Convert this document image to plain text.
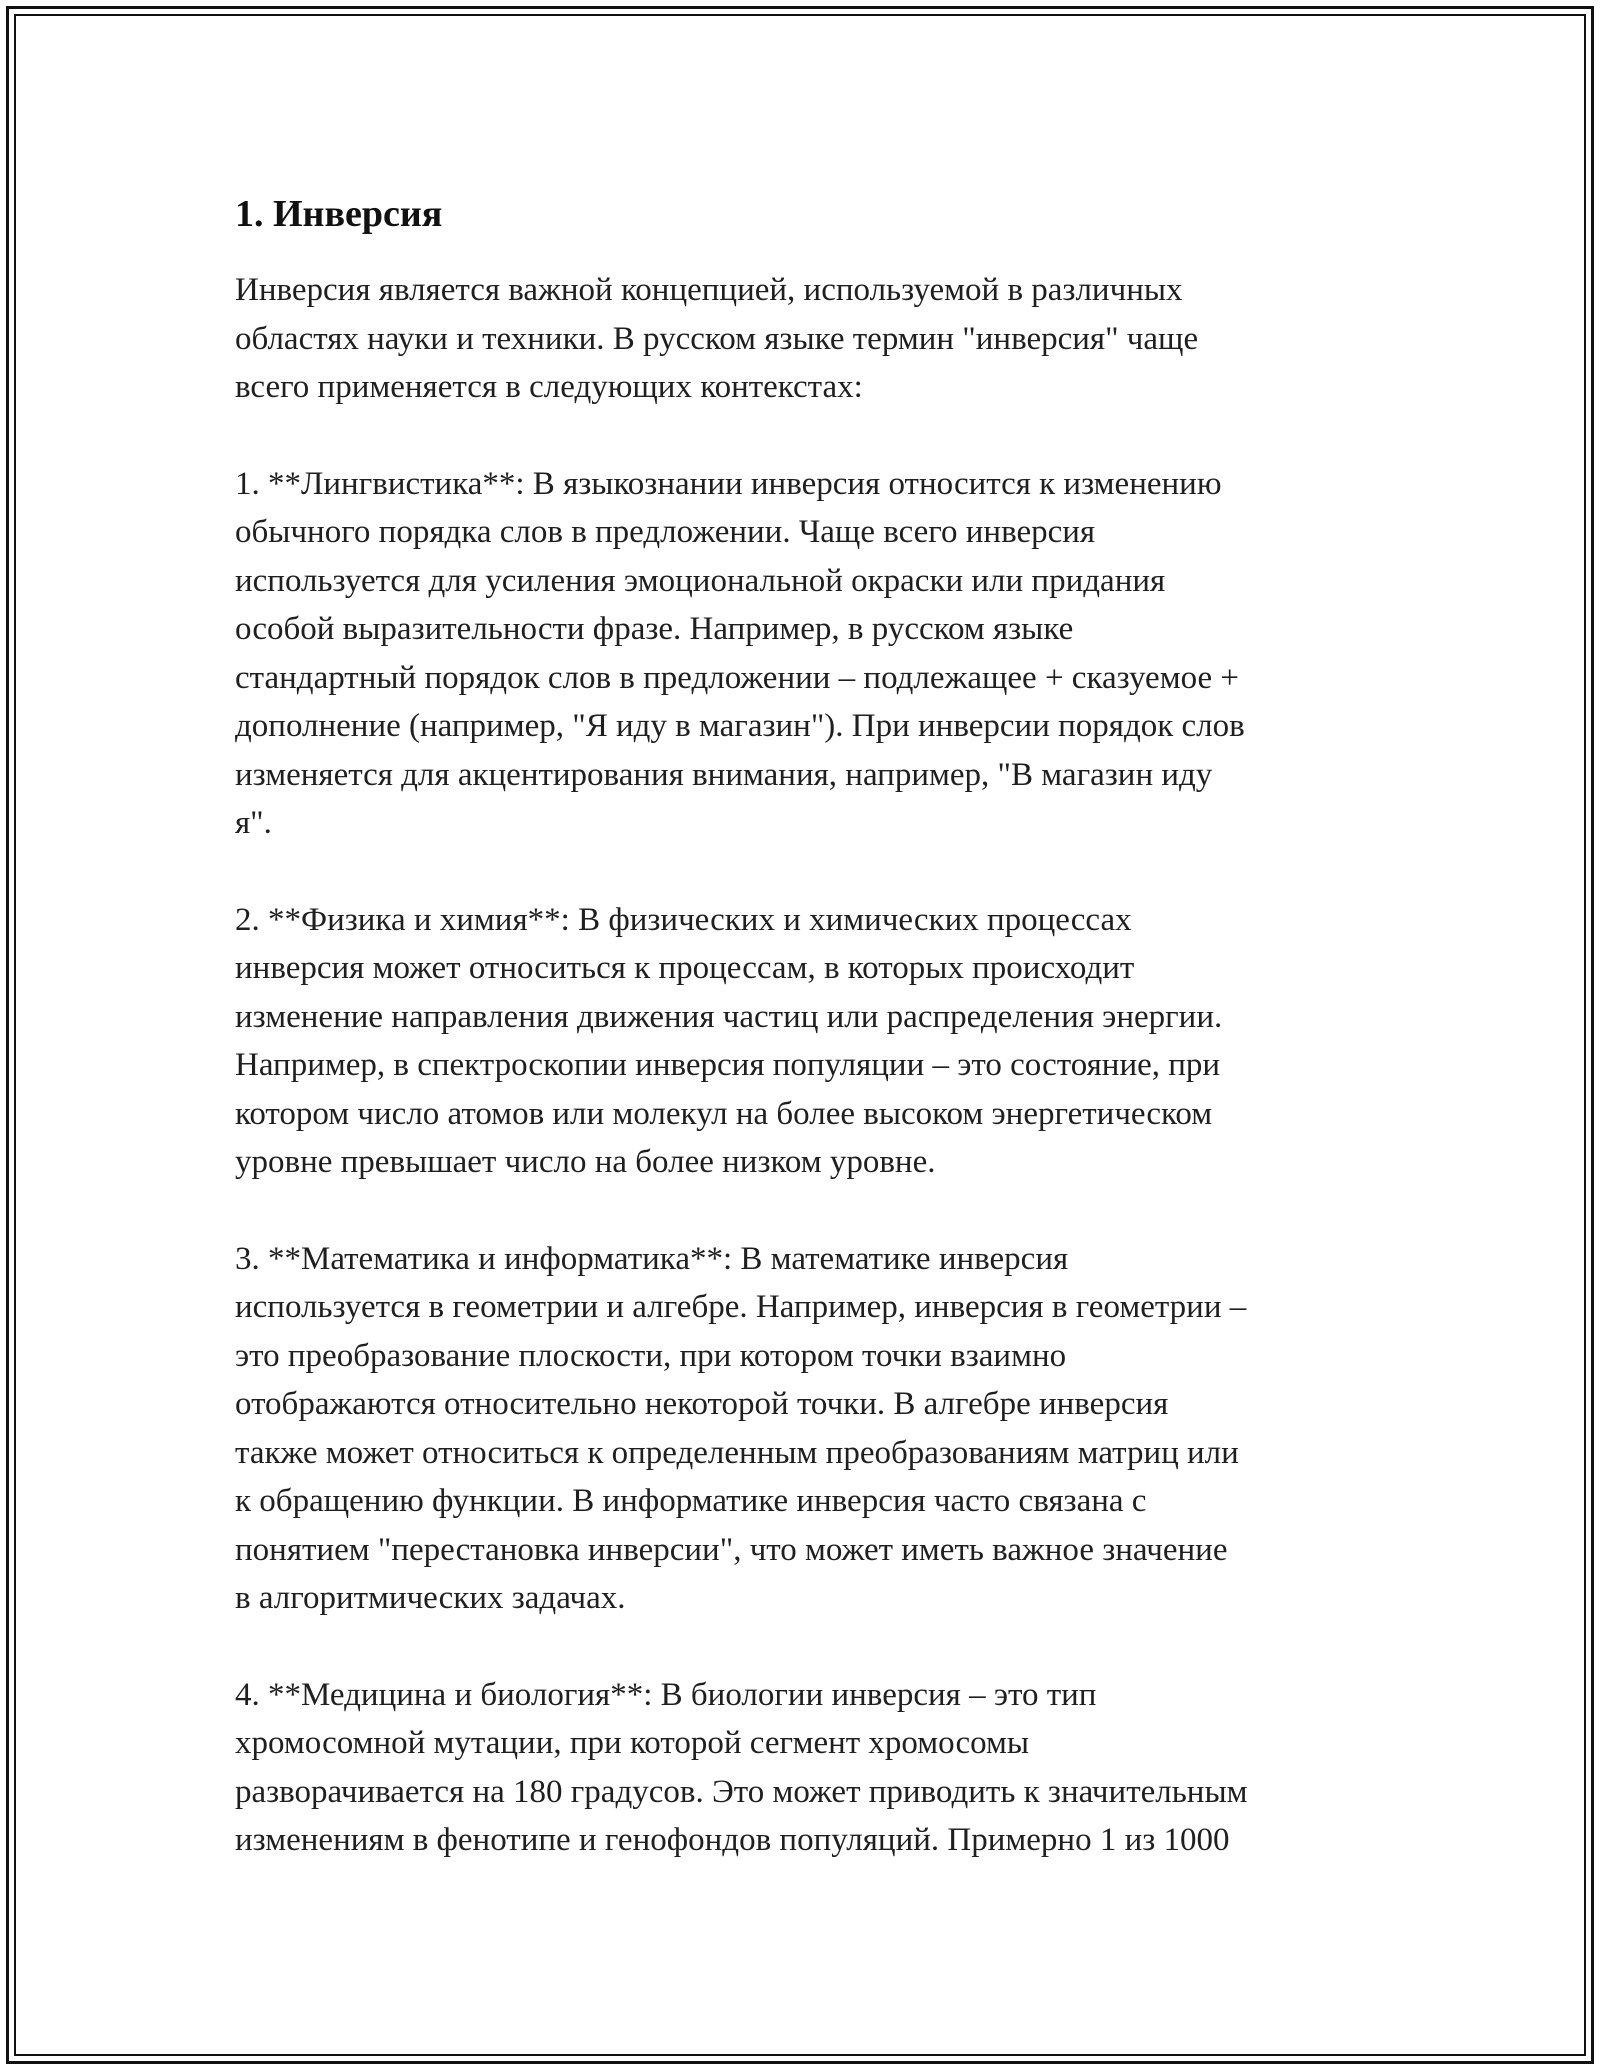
1. Инверсия

Инверсия является важной концепцией, используемой в различных
областях науки и техники. В русском языке термин "инверсия" чаще
всего применяется в следующих контекстах:

1. **Лингвистика**: В языкознании инверсия относится к изменению
обычного порядка слов в предложении. Чаще всего инверсия
используется для усиления эмоциональной окраски или придания
особой выразительности фразе. Например, в русском языке
стандартный порядок слов в предложении – подлежащее + сказуемое +
дополнение (например, "Я иду в магазин"). При инверсии порядок слов
изменяется для акцентирования внимания, например, "В магазин иду
я".

2. **Физика и химия**: В физических и химических процессах
инверсия может относиться к процессам, в которых происходит
изменение направления движения частиц или распределения энергии.
Например, в спектроскопии инверсия популяции – это состояние, при
котором число атомов или молекул на более высоком энергетическом
уровне превышает число на более низком уровне.

3. **Математика и информатика**: В математике инверсия
используется в геометрии и алгебре. Например, инверсия в геометрии –
это преобразование плоскости, при котором точки взаимно
отображаются относительно некоторой точки. В алгебре инверсия
также может относиться к определенным преобразованиям матриц или
к обращению функции. В информатике инверсия часто связана с
понятием "перестановка инверсии", что может иметь важное значение
в алгоритмических задачах.

4. **Медицина и биология**: В биологии инверсия – это тип
хромосомной мутации, при которой сегмент хромосомы
разворачивается на 180 градусов. Это может приводить к значительным
изменениям в фенотипе и генофондов популяций. Примерно 1 из 1000
